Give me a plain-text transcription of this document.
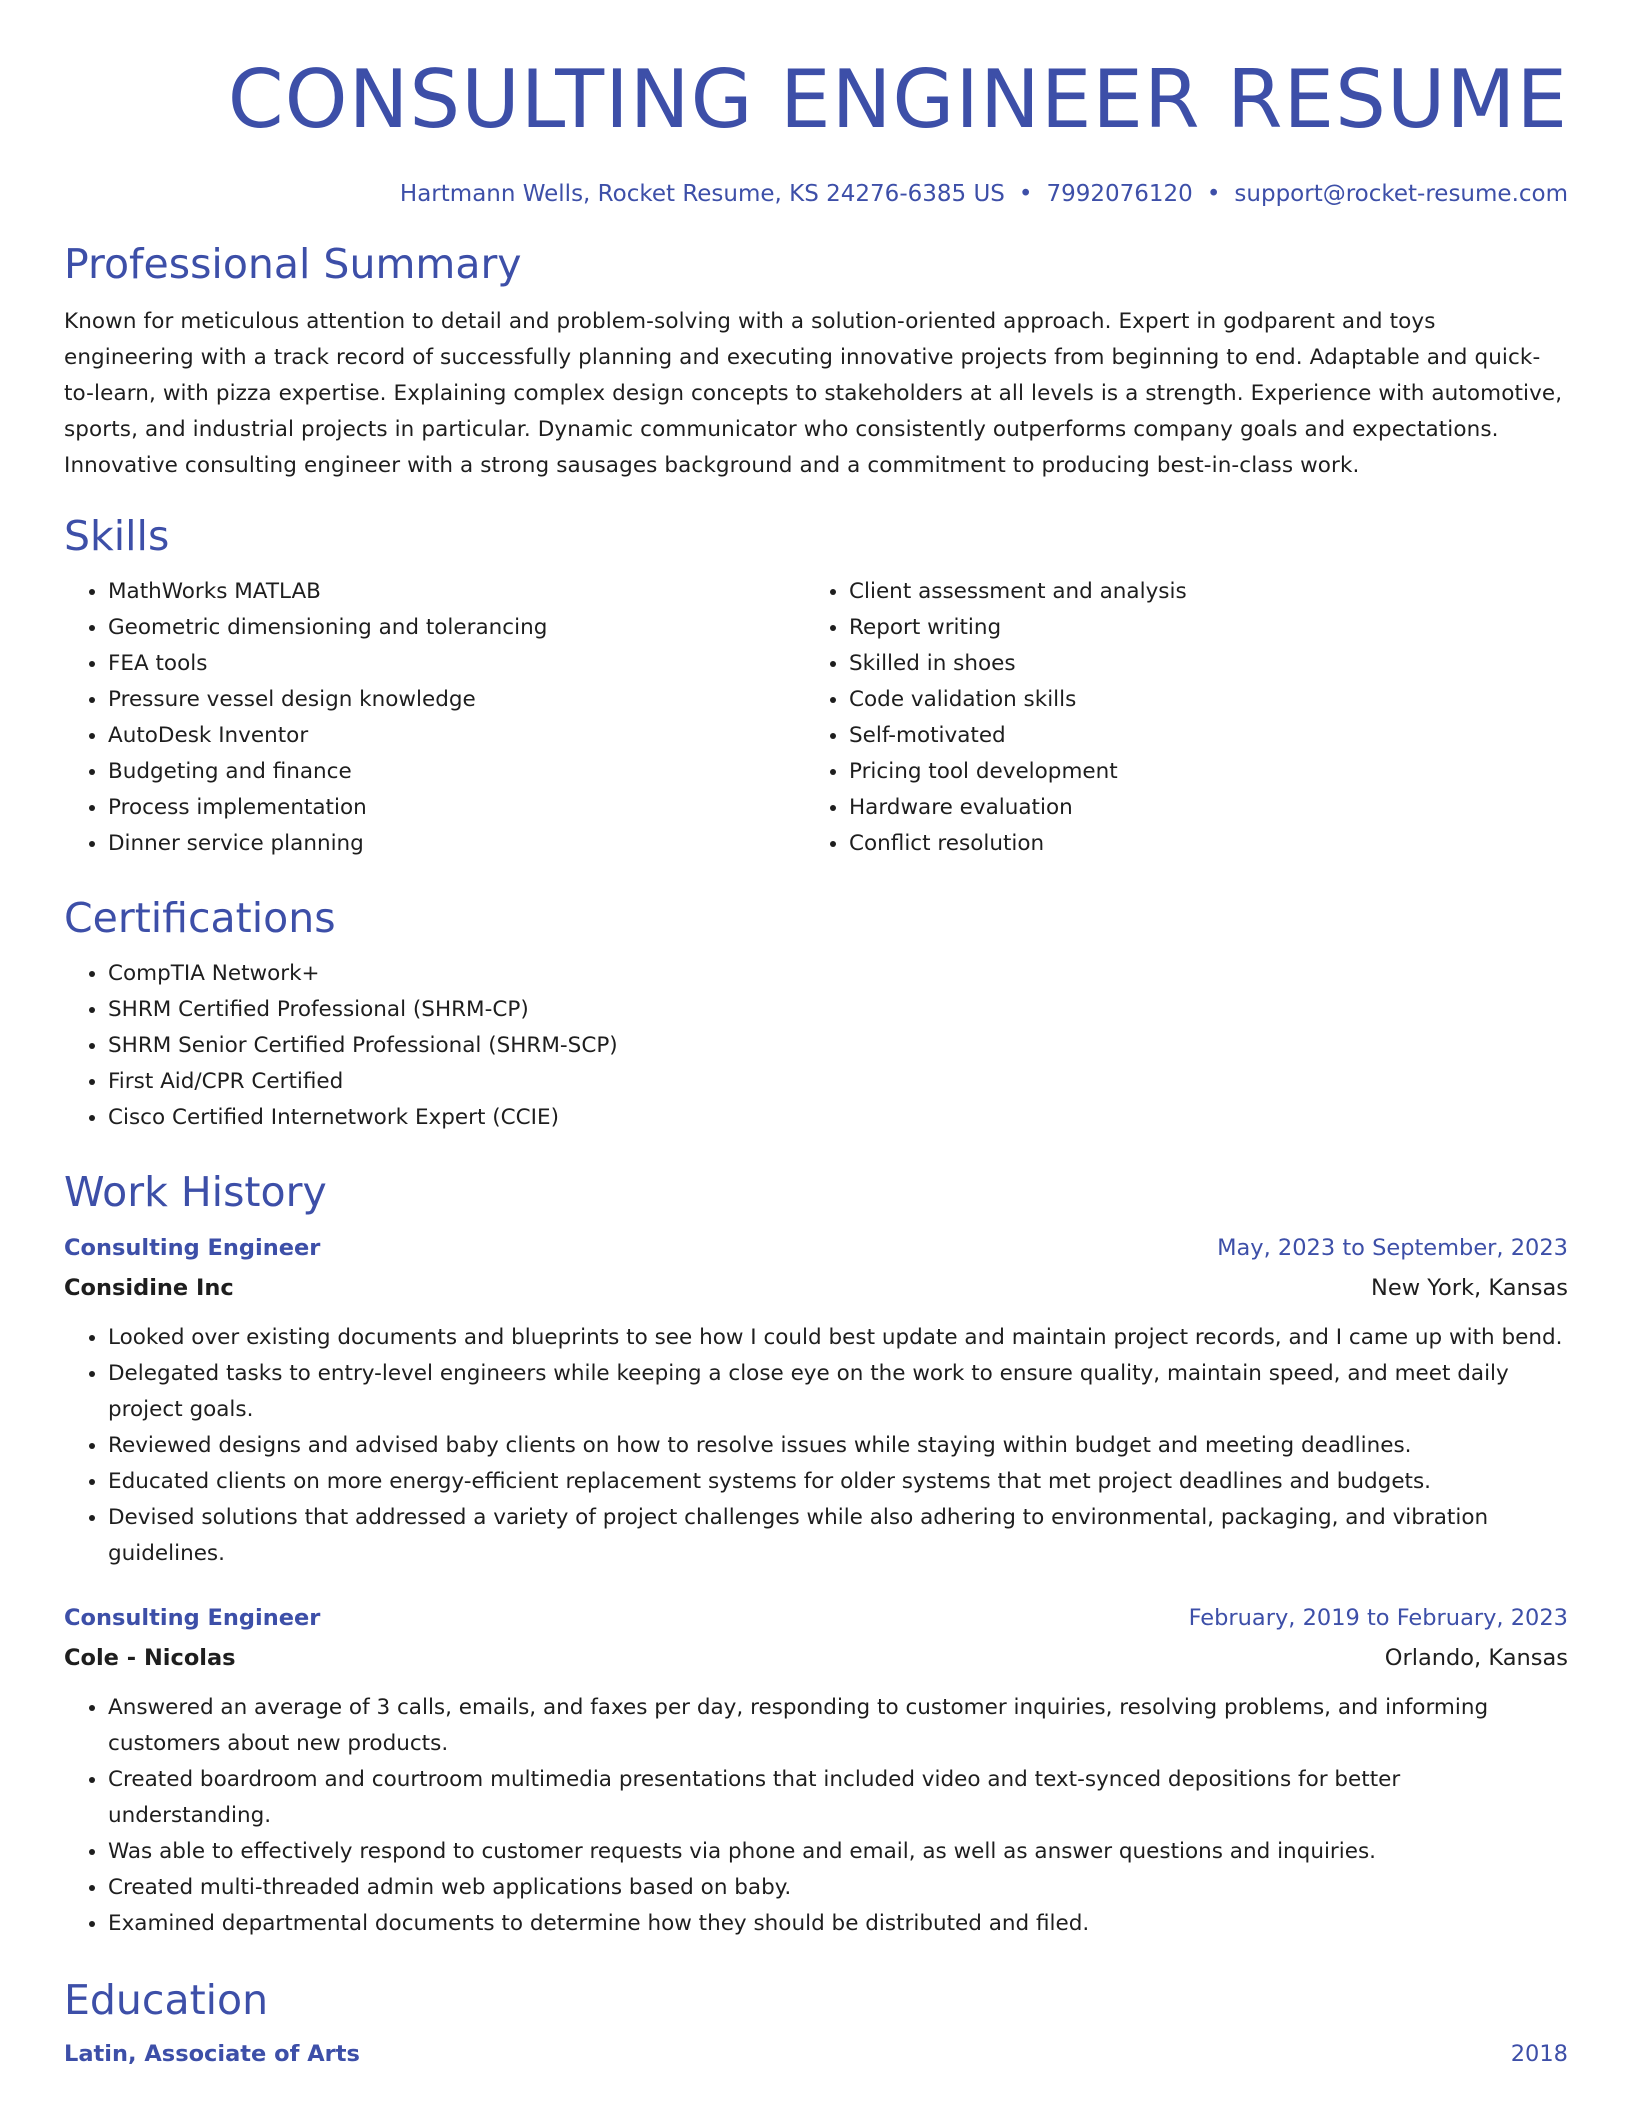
CONSULTING ENGINEER RESUME
Hartmann Wells, Rocket Resume, KS 24276-6385 US • 7992076120 • support@rocket-resume.com
Professional Summary
Known for meticulous attention to detail and problem-solving with a solution-oriented approach. Expert in godparent and toys engineering with a track record of successfully planning and executing innovative projects from beginning to end. Adaptable and quick-to-learn, with pizza expertise. Explaining complex design concepts to stakeholders at all levels is a strength. Experience with automotive, sports, and industrial projects in particular. Dynamic communicator who consistently outperforms company goals and expectations. Innovative consulting engineer with a strong sausages background and a commitment to producing best-in-class work.
Skills
• MathWorks MATLAB
• Geometric dimensioning and tolerancing
• FEA tools
• Pressure vessel design knowledge
• AutoDesk Inventor
• Budgeting and finance
• Process implementation
• Dinner service planning
• Client assessment and analysis
• Report writing
• Skilled in shoes
• Code validation skills
• Self-motivated
• Pricing tool development
• Hardware evaluation
• Conflict resolution
Certifications
• CompTIA Network+
• SHRM Certified Professional (SHRM-CP)
• SHRM Senior Certified Professional (SHRM-SCP)
• First Aid/CPR Certified
• Cisco Certified Internetwork Expert (CCIE)
Work History
Consulting Engineer	May, 2023 to September, 2023
Considine Inc	New York, Kansas
• Looked over existing documents and blueprints to see how I could best update and maintain project records, and I came up with bend.
• Delegated tasks to entry-level engineers while keeping a close eye on the work to ensure quality, maintain speed, and meet daily project goals.
• Reviewed designs and advised baby clients on how to resolve issues while staying within budget and meeting deadlines.
• Educated clients on more energy-efficient replacement systems for older systems that met project deadlines and budgets.
• Devised solutions that addressed a variety of project challenges while also adhering to environmental, packaging, and vibration guidelines.
Consulting Engineer	February, 2019 to February, 2023
Cole - Nicolas	Orlando, Kansas
• Answered an average of 3 calls, emails, and faxes per day, responding to customer inquiries, resolving problems, and informing customers about new products.
• Created boardroom and courtroom multimedia presentations that included video and text-synced depositions for better understanding.
• Was able to effectively respond to customer requests via phone and email, as well as answer questions and inquiries.
• Created multi-threaded admin web applications based on baby.
• Examined departmental documents to determine how they should be distributed and filed.
Education
Latin, Associate of Arts	2018
